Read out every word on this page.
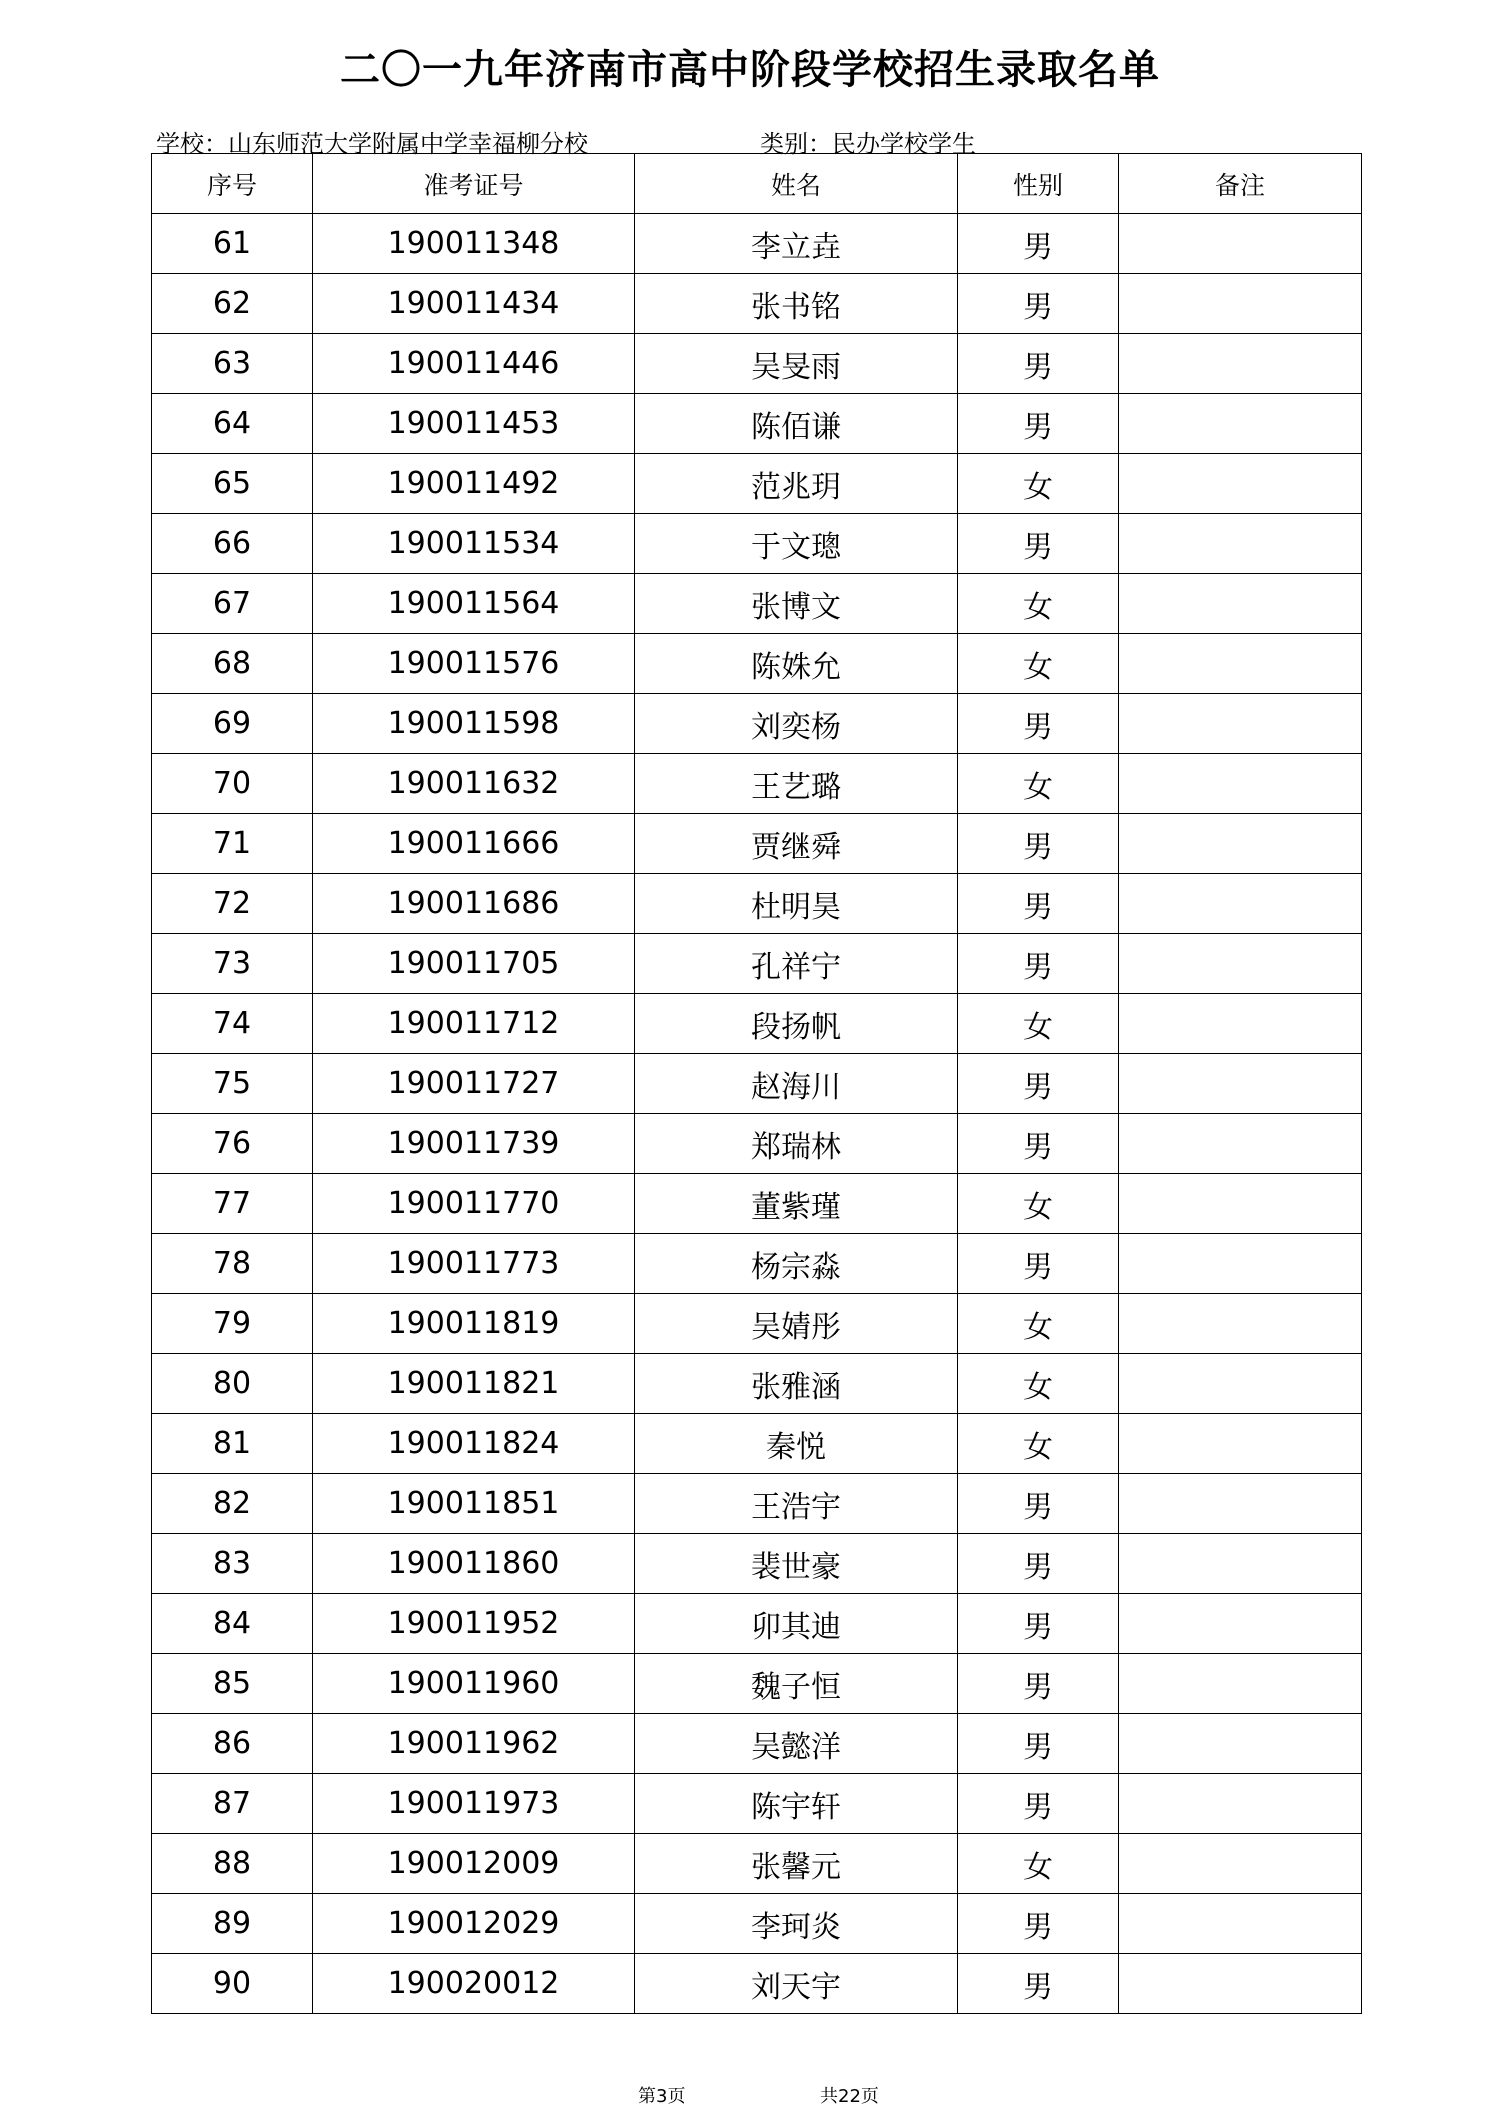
二〇一九年济南市高中阶段学校招生录取名单
学校：山东师范大学附属中学幸福柳分校	类别：民办学校学生
序号	准考证号	姓名	性别	备注
61	190011348	李立垚	男	
62	190011434	张书铭	男	
63	190011446	吴旻雨	男	
64	190011453	陈佰谦	男	
65	190011492	范兆玥	女	
66	190011534	于文璁	男	
67	190011564	张博文	女	
68	190011576	陈姝允	女	
69	190011598	刘奕杨	男	
70	190011632	王艺璐	女	
71	190011666	贾继舜	男	
72	190011686	杜明昊	男	
73	190011705	孔祥宁	男	
74	190011712	段扬帆	女	
75	190011727	赵海川	男	
76	190011739	郑瑞林	男	
77	190011770	董紫瑾	女	
78	190011773	杨宗淼	男	
79	190011819	吴婧彤	女	
80	190011821	张雅涵	女	
81	190011824	秦悦	女	
82	190011851	王浩宇	男	
83	190011860	裴世豪	男	
84	190011952	卯其迪	男	
85	190011960	魏子恒	男	
86	190011962	吴懿洋	男	
87	190011973	陈宇轩	男	
88	190012009	张馨元	女	
89	190012029	李珂炎	男	
90	190020012	刘天宇	男	
第3页	共22页
